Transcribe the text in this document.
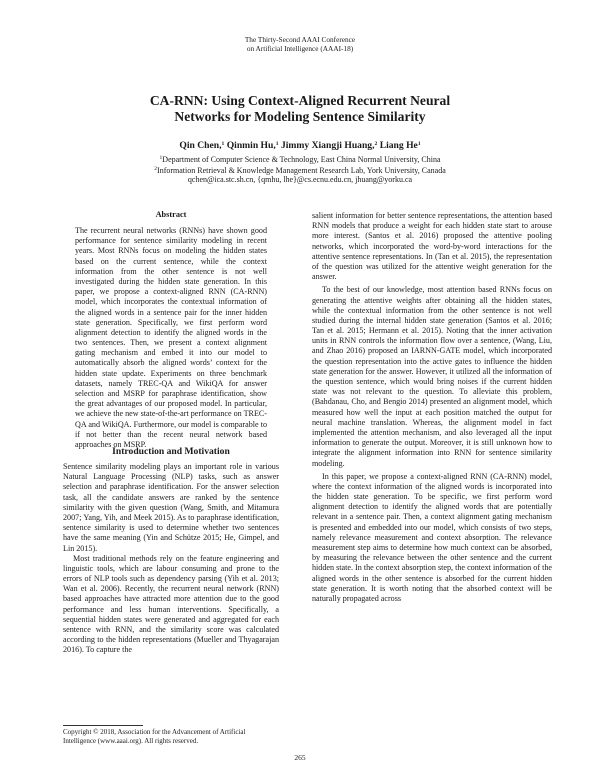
The Thirty-Second AAAI Conference
on Artificial Intelligence (AAAI-18)
CA-RNN: Using Context-Aligned Recurrent Neural
Networks for Modeling Sentence Similarity
Qin Chen,$^1$ Qinmin Hu,$^1$ Jimmy Xiangji Huang,$^2$ Liang He$^1$
$^1$Department of Computer Science & Technology, East China Normal University, China
$^2$Information Retrieval & Knowledge Management Research Lab, York University, Canada
qchen@ica.stc.sh.cn, {qmhu, lhe}@cs.ecnu.edu.cn, jhuang@yorku.ca
Abstract

The recurrent neural networks (RNNs) have shown good performance for sentence similarity modeling in recent years. Most RNNs focus on modeling the hidden states based on the current sentence, while the context information from the other sentence is not well investigated during the hidden state generation. In this paper, we propose a context-aligned RNN (CA-RNN) model, which incorporates the contextual information of the aligned words in a sentence pair for the inner hidden state generation. Specifically, we first perform word alignment detection to identify the aligned words in the two sentences. Then, we present a context alignment gating mechanism and embed it into our model to automatically absorb the aligned words’ context for the hidden state update. Experiments on three benchmark datasets, namely TREC-QA and WikiQA for answer selection and MSRP for paraphrase identification, show the great advantages of our proposed model. In particular, we achieve the new state-of-the-art performance on TREC-QA and WikiQA. Furthermore, our model is comparable to if not better than the recent neural network based approaches on MSRP.

Introduction and Motivation

Sentence similarity modeling plays an important role in various Natural Language Processing (NLP) tasks, such as answer selection and paraphrase identification. For the answer selection task, all the candidate answers are ranked by the sentence similarity with the given question (Wang, Smith, and Mitamura 2007; Yang, Yih, and Meek 2015). As to paraphrase identification, sentence similarity is used to determine whether two sentences have the same meaning (Yin and Schütze 2015; He, Gimpel, and Lin 2015).

Most traditional methods rely on the feature engineering and linguistic tools, which are labour consuming and prone to the errors of NLP tools such as dependency parsing (Yih et al. 2013; Wan et al. 2006). Recently, the recurrent neural network (RNN) based approaches have attracted more attention due to the good performance and less human interventions. Specifically, a sequential hidden states were generated and aggregated for each sentence with RNN, and the similarity score was calculated according to the hidden representations (Mueller and Thyagarajan 2016). To capture the

salient information for better sentence representations, the attention based RNN models that produce a weight for each hidden state start to arouse more interest. (Santos et al. 2016) proposed the attentive pooling networks, which incorporated the word-by-word interactions for the attentive sentence representations. In (Tan et al. 2015), the representation of the question was utilized for the attentive weight generation for the answer.

To the best of our knowledge, most attention based RNNs focus on generating the attentive weights after obtaining all the hidden states, while the contextual information from the other sentence is not well studied during the internal hidden state generation (Santos et al. 2016; Tan et al. 2015; Hermann et al. 2015). Noting that the inner activation units in RNN controls the information flow over a sentence, (Wang, Liu, and Zhao 2016) proposed an IARNN-GATE model, which incorporated the question representation into the active gates to influence the hidden state generation for the answer. However, it utilized all the information of the question sentence, which would bring noises if the current hidden state was not relevant to the question. To alleviate this problem, (Bahdanau, Cho, and Bengio 2014) presented an alignment model, which measured how well the input at each position matched the output for neural machine translation. Whereas, the alignment model in fact implemented the attention mechanism, and also leveraged all the input information to generate the output. Moreover, it is still unknown how to integrate the alignment information into RNN for sentence similarity modeling.

In this paper, we propose a context-aligned RNN (CA-RNN) model, where the context information of the aligned words is incorporated into the hidden state generation. To be specific, we first perform word alignment detection to identify the aligned words that are potentially relevant in a sentence pair. Then, a context alignment gating mechanism is presented and embedded into our model, which consists of two steps, namely relevance measurement and context absorption. The relevance measurement step aims to determine how much context can be absorbed, by measuring the relevance between the other sentence and the current hidden state. In the context absorption step, the context information of the aligned words in the other sentence is absorbed for the current hidden state generation. It is worth noting that the absorbed context will be naturally propagated across

Copyright © 2018, Association for the Advancement of Artificial
Intelligence (www.aaai.org). All rights reserved.
265
